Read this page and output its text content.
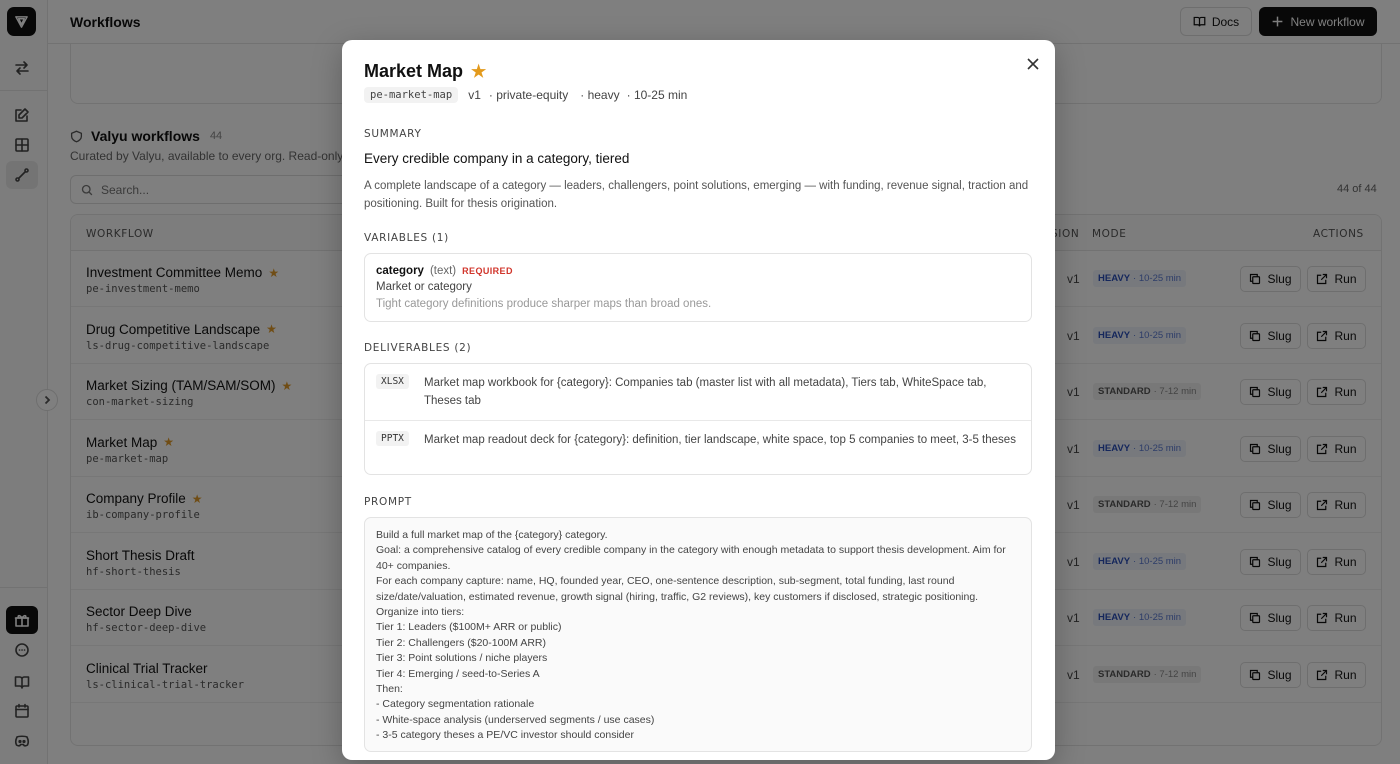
Search...
Market Map ★
pe-market-map	v1 · private-equity · heavy · 10-25 min
SUMMARY
Every credible company in a category, tiered
A complete landscape of a category — leaders, challengers, point solutions, emerging — with funding, revenue signal, traction and positioning. Built for thesis origination.
VARIABLES (1)
category (text) REQUIRED
Market or category
Tight category definitions produce sharper maps than broad ones.
DELIVERABLES (2)
XLSX	Market map workbook for {category}: Companies tab (master list with all metadata), Tiers tab, WhiteSpace tab, Theses tab
PPTX	Market map readout deck for {category}: definition, tier landscape, white space, top 5 companies to meet, 3-5 theses
PROMPT
Build a full market map of the {category} category.
Goal: a comprehensive catalog of every credible company in the category with enough metadata to support thesis development. Aim for 40+ companies.
For each company capture: name, HQ, founded year, CEO, one-sentence description, sub-segment, total funding, last round size/date/valuation, estimated revenue, growth signal (hiring, traffic, G2 reviews), key customers if disclosed, strategic positioning.
Organize into tiers:
Tier 1: Leaders ($100M+ ARR or public)
Tier 2: Challengers ($20-100M ARR)
Tier 3: Point solutions / niche players
Tier 4: Emerging / seed-to-Series A
Then:
- Category segmentation rationale
- White-space analysis (underserved segments / use cases)
- 3-5 category theses a PE/VC investor should consider
